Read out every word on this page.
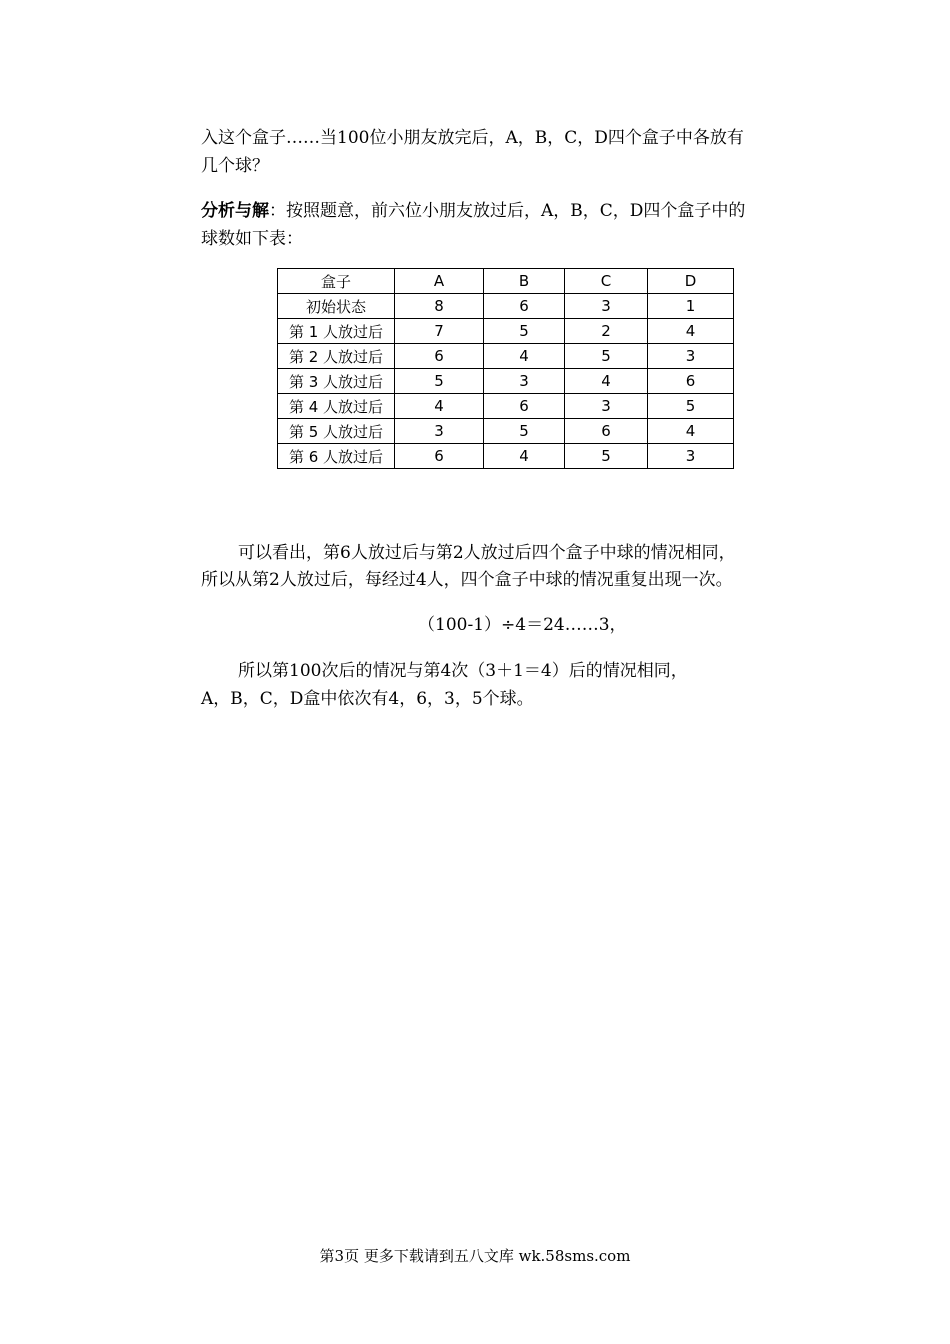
入这个盒子……当100位小朋友放完后，A，B，C，D四个盒子中各放有

几个球？

分析与解：按照题意，前六位小朋友放过后，A，B，C，D四个盒子中的

球数如下表：

盒子	A	B	C	D
初始状态	8	6	3	1
第 1 人放过后	7	5	2	4
第 2 人放过后	6	4	5	3
第 3 人放过后	5	3	4	6
第 4 人放过后	4	6	3	5
第 5 人放过后	3	5	6	4
第 6 人放过后	6	4	5	3

可以看出，第6人放过后与第2人放过后四个盒子中球的情况相同，

所以从第2人放过后，每经过4人，四个盒子中球的情况重复出现一次。

（100-1）÷4＝24……3，

所以第100次后的情况与第4次（3＋1＝4）后的情况相同，

A，B，C，D盒中依次有4，6，3，5个球。

第3页 更多下载请到五八文库 wk.58sms.com
